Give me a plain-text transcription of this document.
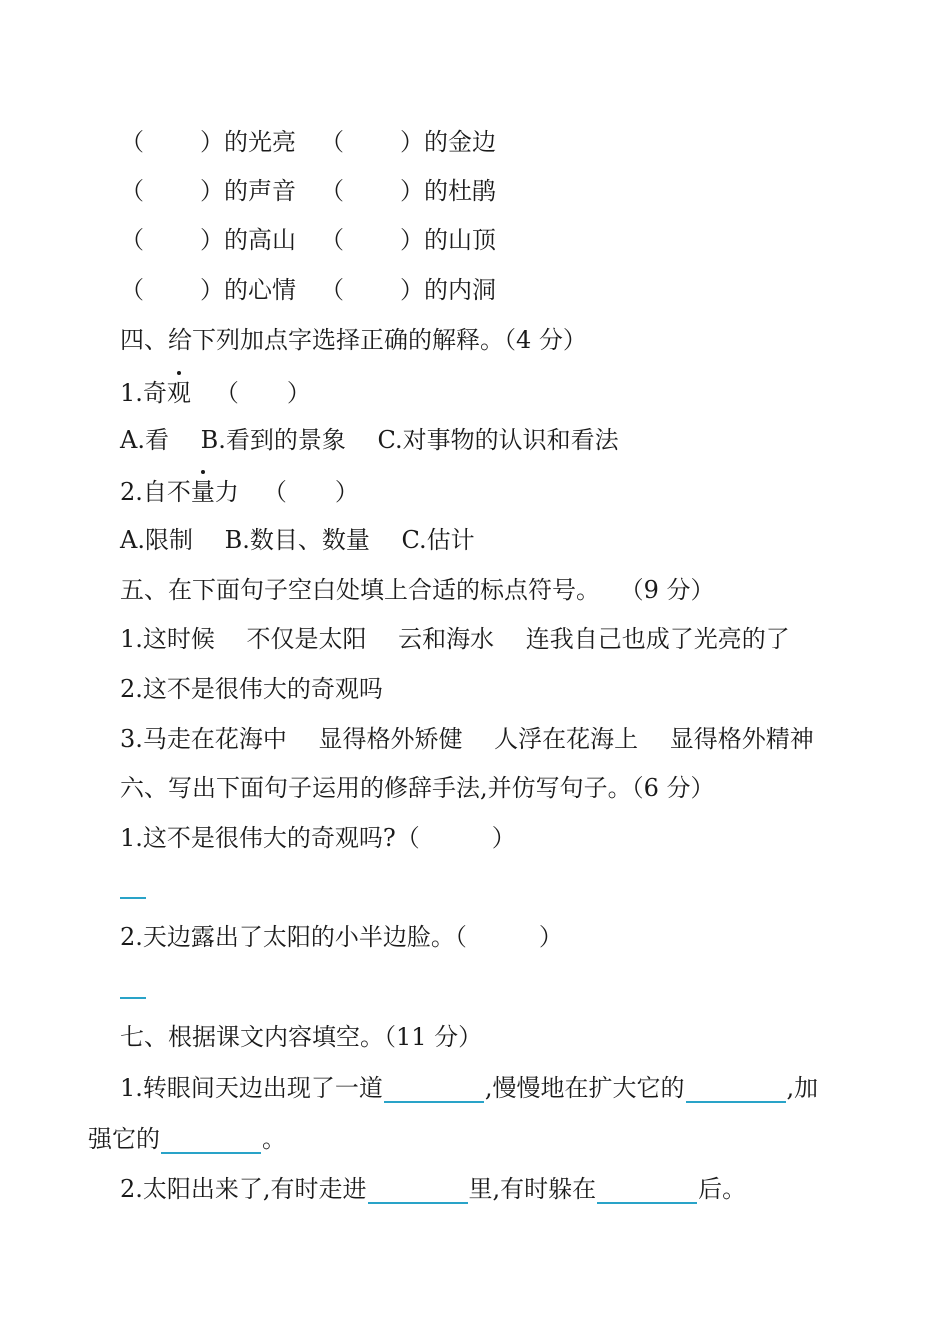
（ ）的光亮 （ ）的金边
（ ）的声音 （ ）的杜鹃
（ ）的高山 （ ）的山顶
（ ）的心情 （ ）的内洞
四、给下列加点字选择正确的解释。（4 分）
1.奇观 （　　）
A.看　 B.看到的景象　 C.对事物的认识和看法
2.自不量力 （　　）
A.限制　 B.数目、数量　 C.估计
五、在下面句子空白处填上合适的标点符号。　 （9 分）
1.这时候　 不仅是太阳　 云和海水　 连我自己也成了光亮的了
2.这不是很伟大的奇观吗
3.马走在花海中　 显得格外矫健　 人浮在花海上　 显得格外精神
六、写出下面句子运用的修辞手法,并仿写句子。（6 分）
1.这不是很伟大的奇观吗?（　　　）
2.天边露出了太阳的小半边脸。（　　　）
七、根据课文内容填空。（11 分）
1.转眼间天边出现了一道	,慢慢地在扩大它的	,加
强它的	。
2.太阳出来了,有时走进	里,有时躲在	后。
